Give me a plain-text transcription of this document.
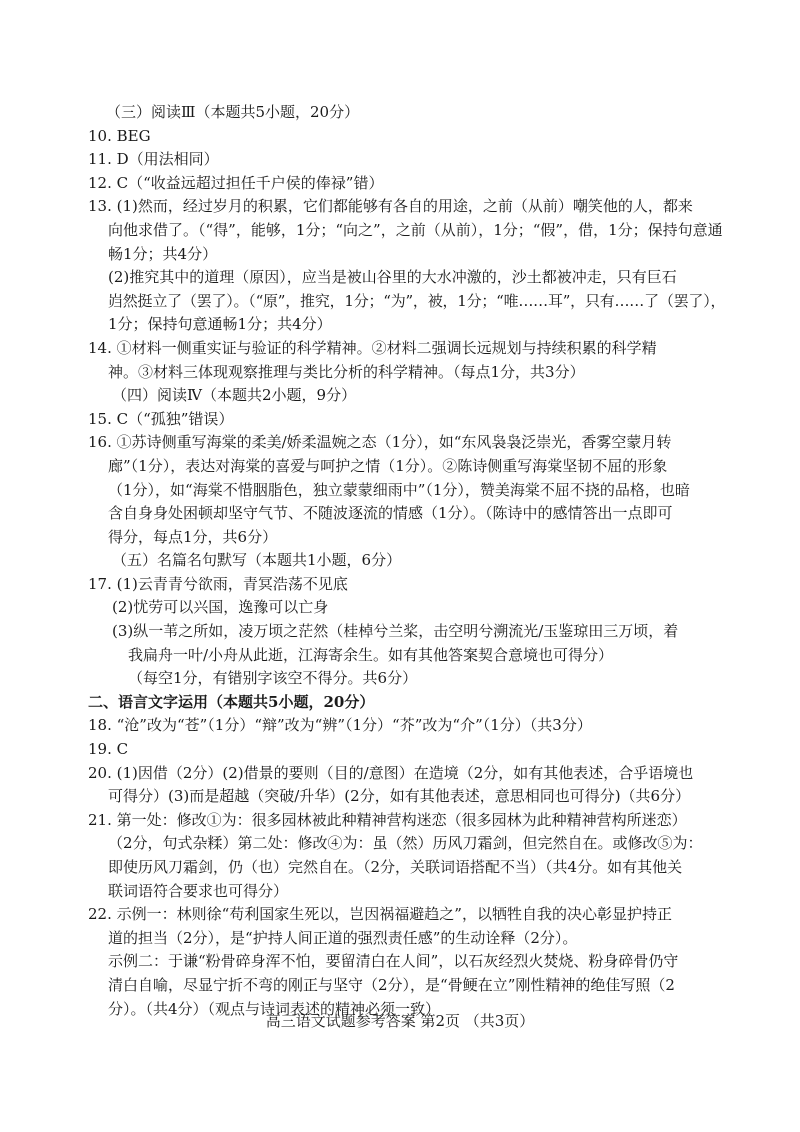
（三）阅读Ⅲ（本题共5小题，20分）
10. BEG
11. D（用法相同）
12. C（“收益远超过担任千户侯的俸禄”错）
13. (1)然而，经过岁月的积累，它们都能够有各自的用途，之前（从前）嘲笑他的人，都来
向他求借了。（“得”，能够，1分；“向之”，之前（从前），1分；“假”，借，1分；保持句意通
畅1分；共4分）
(2)推究其中的道理（原因），应当是被山谷里的大水冲激的，沙土都被冲走，只有巨石
岿然挺立了（罢了）。（“原”，推究，1分；“为”，被，1分；“唯……耳”，只有……了（罢了），
1分；保持句意通畅1分；共4分）
14. ①材料一侧重实证与验证的科学精神。②材料二强调长远规划与持续积累的科学精
神。③材料三体现观察推理与类比分析的科学精神。（每点1分，共3分）
（四）阅读Ⅳ（本题共2小题，9分）
15. C（“孤独”错误）
16. ①苏诗侧重写海棠的柔美/娇柔温婉之态（1分），如“东风袅袅泛崇光，香雾空蒙月转
廊”（1分），表达对海棠的喜爱与呵护之情（1分）。②陈诗侧重写海棠坚韧不屈的形象
（1分），如“海棠不惜胭脂色，独立蒙蒙细雨中”（1分），赞美海棠不屈不挠的品格，也暗
含自身身处困顿却坚守气节、不随波逐流的情感（1分）。（陈诗中的感情答出一点即可
得分，每点1分，共6分）
（五）名篇名句默写（本题共1小题，6分）
17. (1)云青青兮欲雨，青冥浩荡不见底
(2)忧劳可以兴国，逸豫可以亡身
(3)纵一苇之所如，凌万顷之茫然（桂棹兮兰桨，击空明兮溯流光/玉鉴琼田三万顷，着
我扁舟一叶/小舟从此逝，江海寄余生。如有其他答案契合意境也可得分）
（每空1分，有错别字该空不得分。共6分）
二、语言文字运用（本题共5小题，20分）
18. “沧”改为“苍”（1分）“辩”改为“辨”（1分）“芥”改为“介”（1分）（共3分）
19. C
20. (1)因借（2分）(2)借景的要则（目的/意图）在造境（2分，如有其他表述，合乎语境也
可得分）(3)而是超越（突破/升华）(2分，如有其他表述，意思相同也可得分)（共6分）
21. 第一处：修改①为：很多园林被此种精神营构迷恋（很多园林为此种精神营构所迷恋）
（2分，句式杂糅）第二处：修改④为：虽（然）历风刀霜剑，但完然自在。或修改⑤为：
即使历风刀霜剑，仍（也）完然自在。（2分，关联词语搭配不当）（共4分。如有其他关
联词语符合要求也可得分）
22. 示例一：林则徐“苟利国家生死以，岂因祸福避趋之”，以牺牲自我的决心彰显护持正
道的担当（2分），是“护持人间正道的强烈责任感”的生动诠释（2分）。
示例二：于谦“粉骨碎身浑不怕，要留清白在人间”，以石灰经烈火焚烧、粉身碎骨仍守
清白自喻，尽显宁折不弯的刚正与坚守（2分），是“骨鲠在立”刚性精神的绝佳写照（2
分）。（共4分）（观点与诗词表述的精神必须一致）
高三语文试题参考答案 第2页 （共3页）
